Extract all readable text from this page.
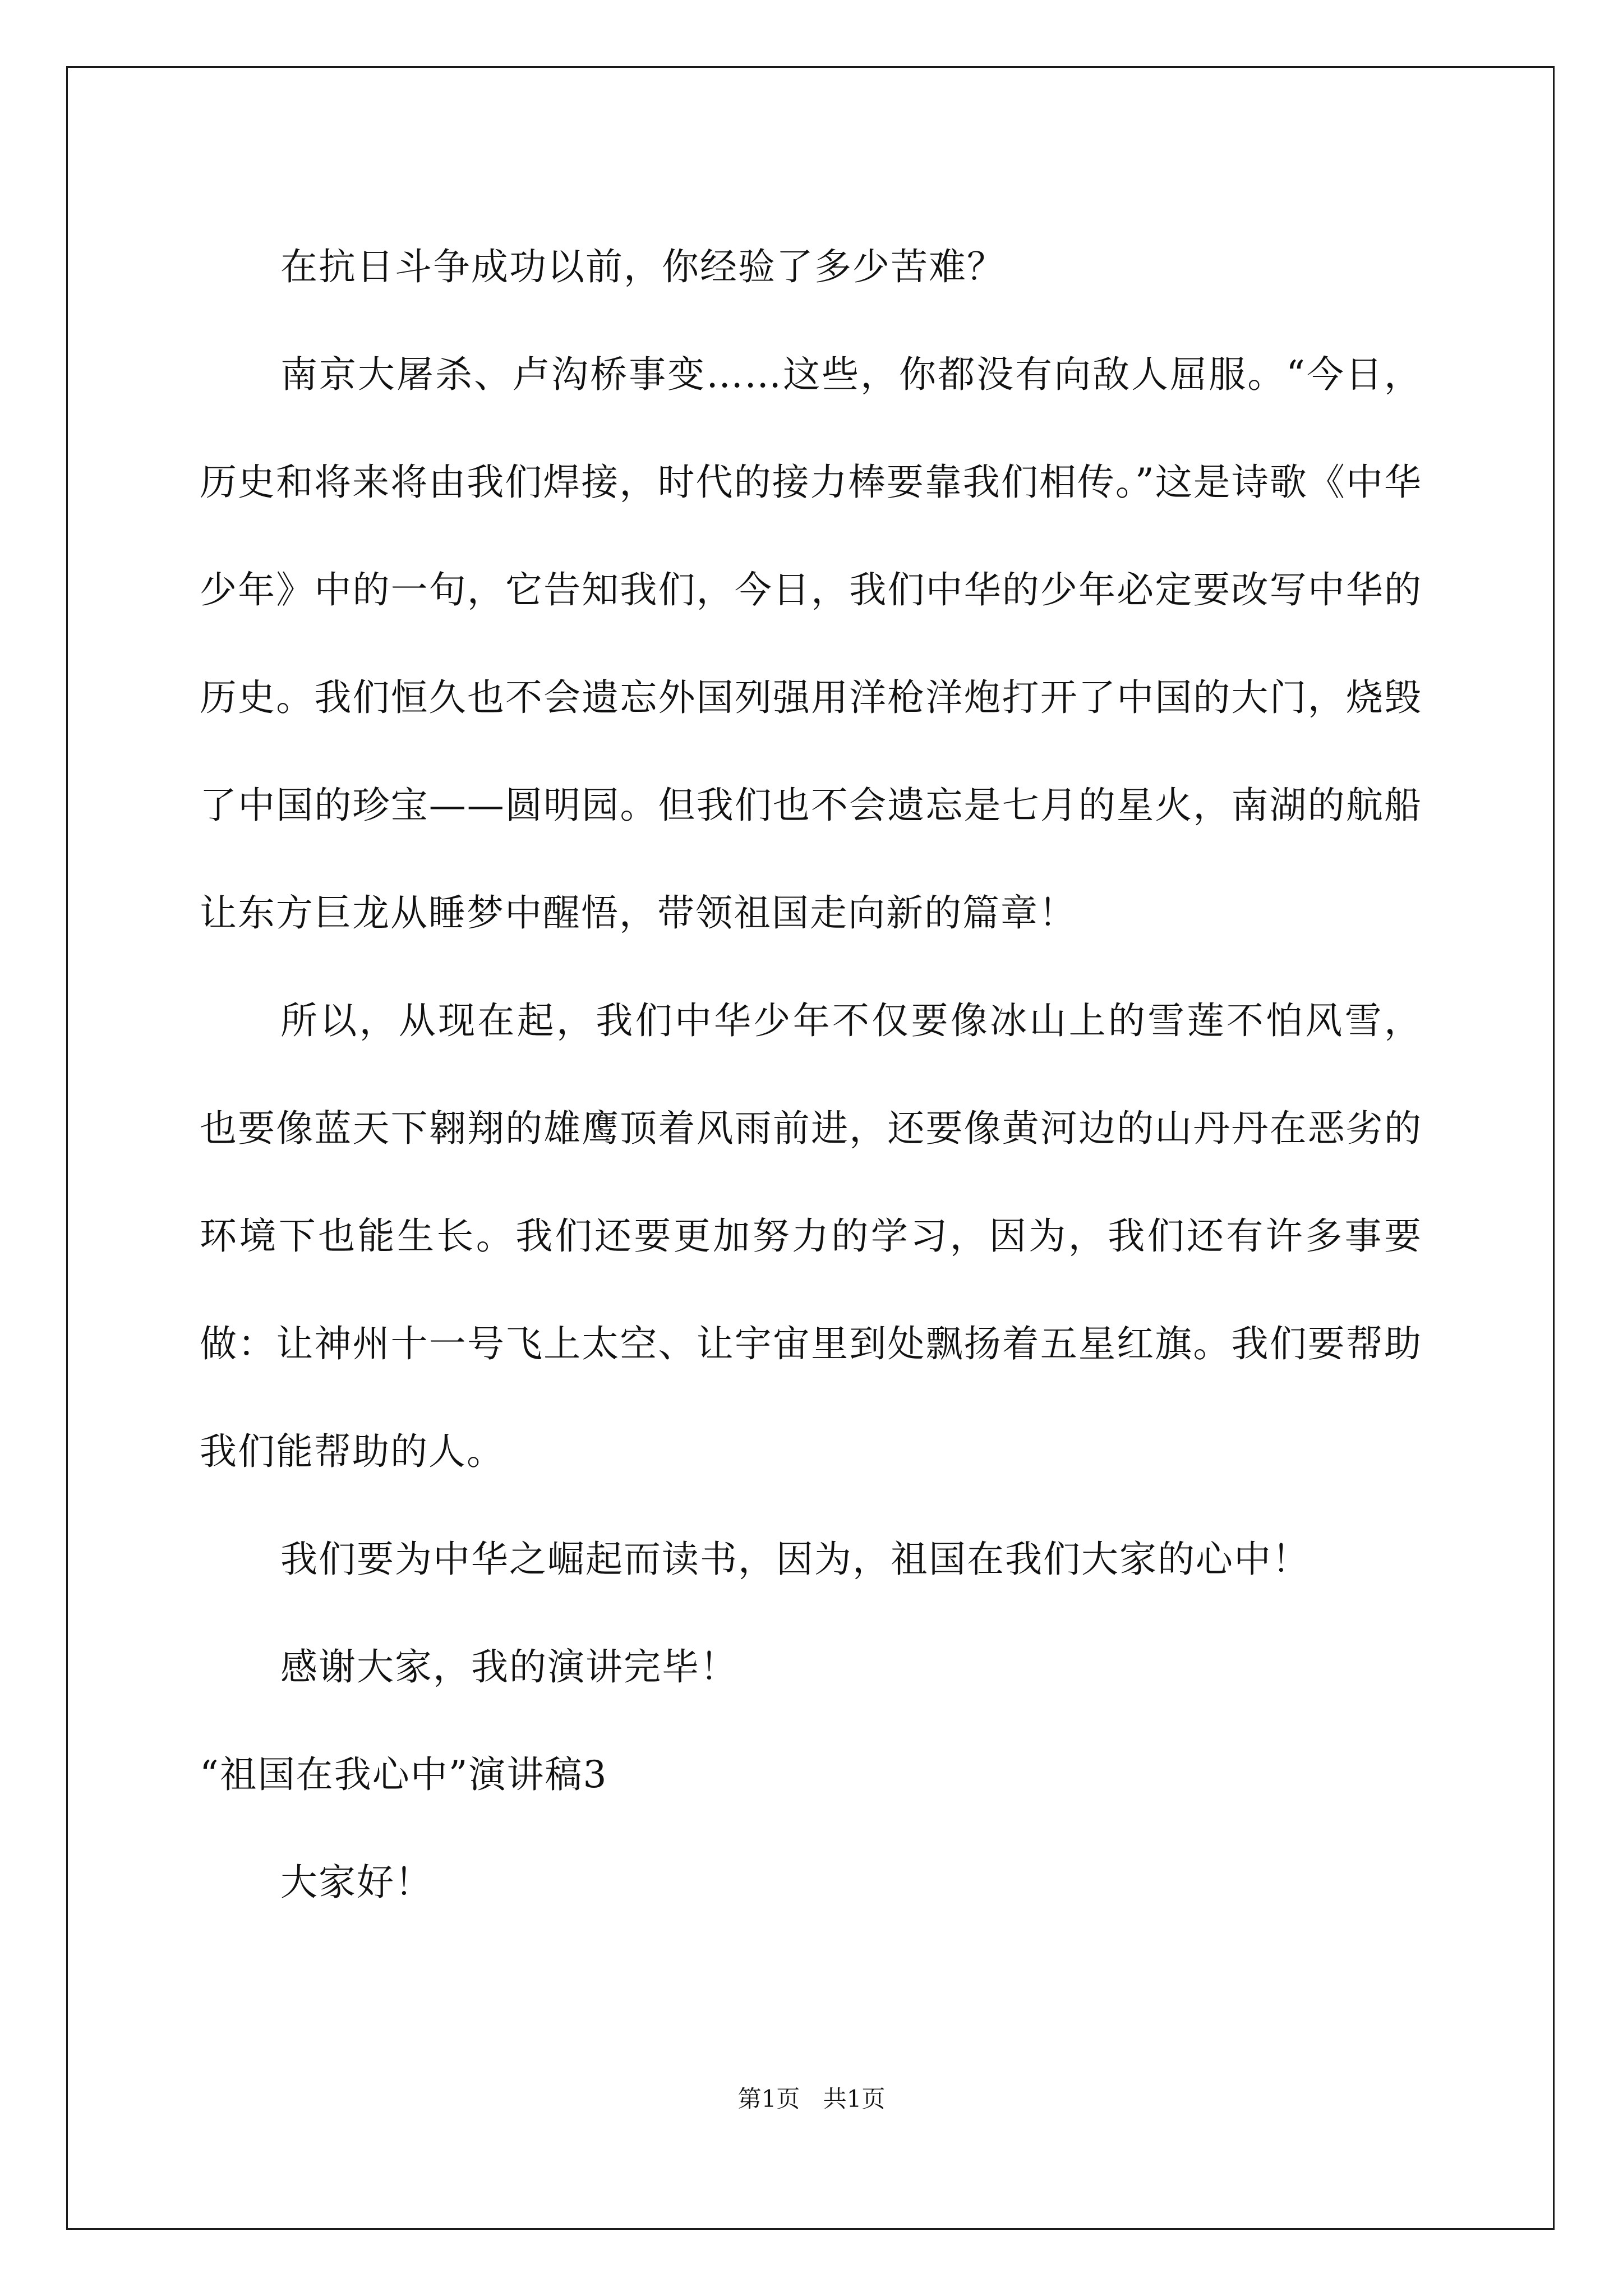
在抗日斗争成功以前，你经验了多少苦难？

南京大屠杀、卢沟桥事变……这些，你都没有向敌人屈服。“今日，历史和将来将由我们焊接，时代的接力棒要靠我们相传。”这是诗歌《中华少年》中的一句，它告知我们，今日，我们中华的少年必定要改写中华的历史。我们恒久也不会遗忘外国列强用洋枪洋炮打开了中国的大门，烧毁了中国的珍宝——圆明园。但我们也不会遗忘是七月的星火，南湖的航船让东方巨龙从睡梦中醒悟，带领祖国走向新的篇章！

所以，从现在起，我们中华少年不仅要像冰山上的雪莲不怕风雪，也要像蓝天下翱翔的雄鹰顶着风雨前进，还要像黄河边的山丹丹在恶劣的环境下也能生长。我们还要更加努力的学习，因为，我们还有许多事要做：让神州十一号飞上太空、让宇宙里到处飘扬着五星红旗。我们要帮助我们能帮助的人。

我们要为中华之崛起而读书，因为，祖国在我们大家的心中！

感谢大家，我的演讲完毕！

“祖国在我心中”演讲稿3

大家好！

第1页 共1页
